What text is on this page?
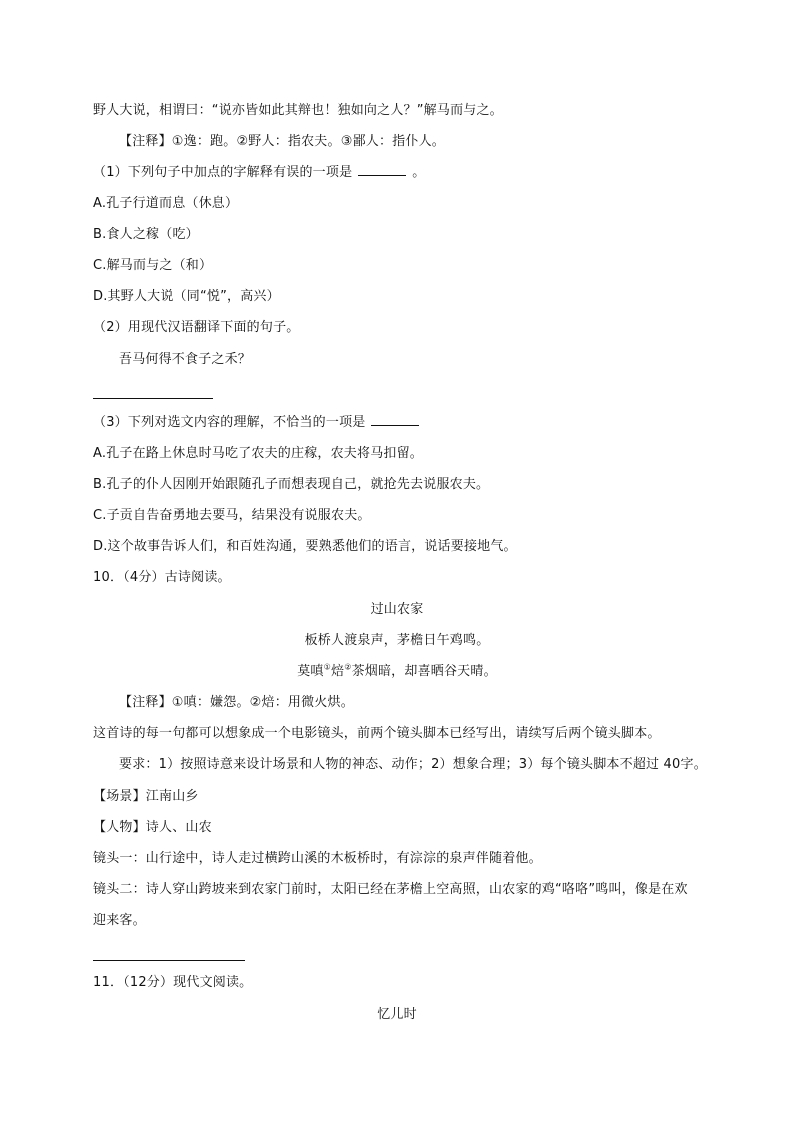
野人大说，相谓曰：“说亦皆如此其辩也！独如向之人？”解马而与之。
【注释】①逸：跑。②野人：指农夫。③鄙人：指仆人。
（1）下列句子中加点的字解释有误的一项是	。
A.孔子行道而息（休息）
B.食人之稼（吃）
C.解马而与之（和）
D.其野人大说（同“悦”，高兴）
（2）用现代汉语翻译下面的句子。
吾马何得不食子之禾？
（3）下列对选文内容的理解，不恰当的一项是
A.孔子在路上休息时马吃了农夫的庄稼，农夫将马扣留。
B.孔子的仆人因刚开始跟随孔子而想表现自己，就抢先去说服农夫。
C.子贡自告奋勇地去要马，结果没有说服农夫。
D.这个故事告诉人们，和百姓沟通，要熟悉他们的语言，说话要接地气。
10．（4分）古诗阅读。
过山农家
板桥人渡泉声，茅檐日午鸡鸣。
莫嗔①焙②茶烟暗，却喜晒谷天晴。
【注释】①嗔：嫌怨。②焙：用微火烘。
这首诗的每一句都可以想象成一个电影镜头，前两个镜头脚本已经写出，请续写后两个镜头脚本。
要求：1）按照诗意来设计场景和人物的神态、动作；2）想象合理；3）每个镜头脚本不超过 40字。
【场景】江南山乡
【人物】诗人、山农
镜头一：山行途中，诗人走过横跨山溪的木板桥时，有淙淙的泉声伴随着他。
镜头二：诗人穿山跨坡来到农家门前时，太阳已经在茅檐上空高照，山农家的鸡“咯咯”鸣叫，像是在欢
迎来客。
11．（12分）现代文阅读。
忆儿时
